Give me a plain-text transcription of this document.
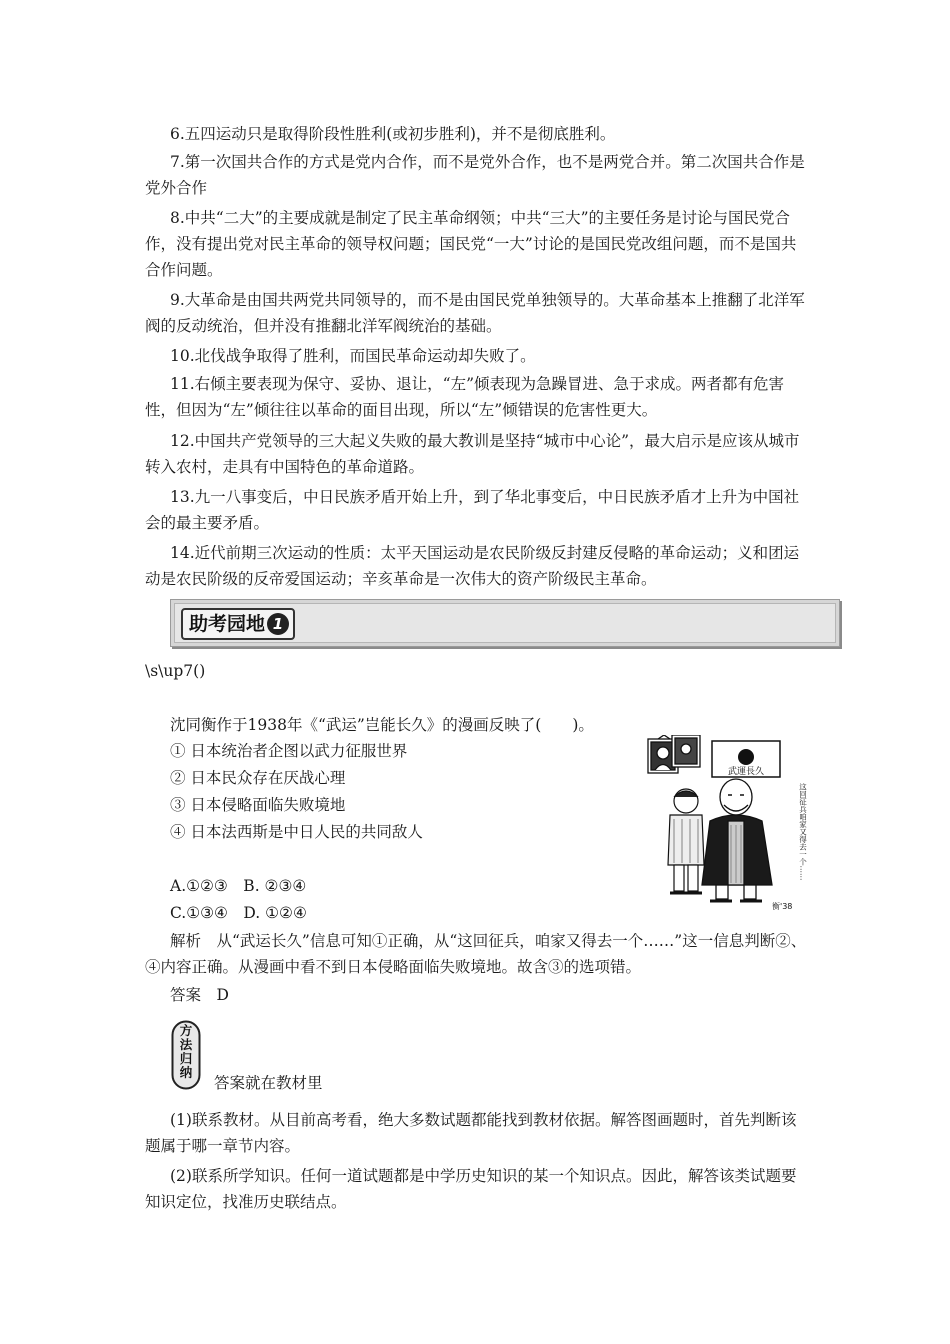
6.五四运动只是取得阶段性胜利(或初步胜利)，并不是彻底胜利。

7.第一次国共合作的方式是党内合作，而不是党外合作，也不是两党合并。第二次国共合作是党外合作

8.中共“二大”的主要成就是制定了民主革命纲领；中共“三大”的主要任务是讨论与国民党合作，没有提出党对民主革命的领导权问题；国民党“一大”讨论的是国民党改组问题，而不是国共合作问题。

9.大革命是由国共两党共同领导的，而不是由国民党单独领导的。大革命基本上推翻了北洋军阀的反动统治，但并没有推翻北洋军阀统治的基础。

10.北伐战争取得了胜利，而国民革命运动却失败了。

11.右倾主要表现为保守、妥协、退让，“左”倾表现为急躁冒进、急于求成。两者都有危害性，但因为“左”倾往往以革命的面目出现，所以“左”倾错误的危害性更大。

12.中国共产党领导的三大起义失败的最大教训是坚持“城市中心论”，最大启示是应该从城市转入农村，走具有中国特色的革命道路。

13.九一八事变后，中日民族矛盾开始上升，到了华北事变后，中日民族矛盾才上升为中国社会的最主要矛盾。

14.近代前期三次运动的性质：太平天国运动是农民阶级反封建反侵略的革命运动；义和团运动是农民阶级的反帝爱国运动；辛亥革命是一次伟大的资产阶级民主革命。

助考园地 1
\s\up7()
沈同衡作于1938年《“武运”岂能长久》的漫画反映了(　　)。
① 日本统治者企图以武力征服世界
② 日本民众存在厌战心理
③ 日本侵略面临失败境地
④ 日本法西斯是中日人民的共同敌人
A.①②③　B. ②③④
C.①③④　D. ①②④
武運長久
这回征兵咱家又得去一个……
衡'38

解析　从“武运长久”信息可知①正确，从“这回征兵，咱家又得去一个……”这一信息判断②、④内容正确。从漫画中看不到日本侵略面临失败境地。故含③的选项错。

答案　D
方
法
归
纳
答案就在教材里

(1)联系教材。从目前高考看，绝大多数试题都能找到教材依据。解答图画题时，首先判断该题属于哪一章节内容。

(2)联系所学知识。任何一道试题都是中学历史知识的某一个知识点。因此，解答该类试题要知识定位，找准历史联结点。
